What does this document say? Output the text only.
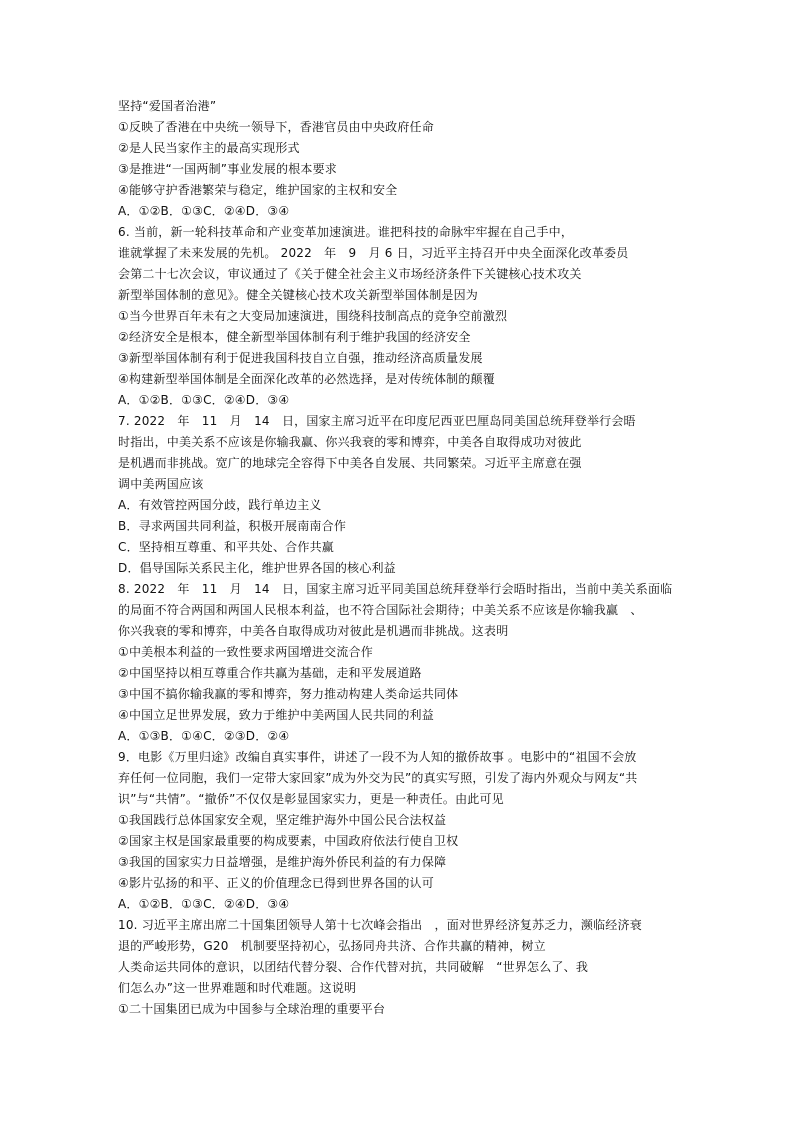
坚持“爱国者治港”
①反映了香港在中央统一领导下，香港官员由中央政府任命
②是人民当家作主的最高实现形式
③是推进“一国两制”事业发展的根本要求
④能够守护香港繁荣与稳定，维护国家的主权和安全
A．①②B．①③C．②④D．③④
6. 当前，新一轮科技革命和产业变革加速演进。谁把科技的命脉牢牢握在自己手中，
谁就掌握了未来发展的先机。 2022　年　9　月 6 日，习近平主持召开中央全面深化改革委员
会第二十七次会议，审议通过了《关于健全社会主义市场经济条件下关键核心技术攻关
新型举国体制的意见》。健全关键核心技术攻关新型举国体制是因为
①当今世界百年未有之大变局加速演进，围绕科技制高点的竞争空前激烈
②经济安全是根本，健全新型举国体制有利于维护我国的经济安全
③新型举国体制有利于促进我国科技自立自强，推动经济高质量发展
④构建新型举国体制是全面深化改革的必然选择，是对传统体制的颠覆
A．①②B．①③C．②④D．③④
7. 2022　年　11　月　14　日，国家主席习近平在印度尼西亚巴厘岛同美国总统拜登举行会晤
时指出，中美关系不应该是你输我赢、你兴我衰的零和博弈，中美各自取得成功对彼此
是机遇而非挑战。宽广的地球完全容得下中美各自发展、共同繁荣。习近平主席意在强
调中美两国应该
A．有效管控两国分歧，践行单边主义
B．寻求两国共同利益，积极开展南南合作
C．坚持相互尊重、和平共处、合作共赢
D．倡导国际关系民主化，维护世界各国的核心利益
8. 2022　年　11　月　14　日，国家主席习近平同美国总统拜登举行会晤时指出，当前中美关系面临
的局面不符合两国和两国人民根本利益，也不符合国际社会期待；中美关系不应该是你输我赢　、
你兴我衰的零和博弈，中美各自取得成功对彼此是机遇而非挑战。这表明
①中美根本利益的一致性要求两国增进交流合作
②中国坚持以相互尊重合作共赢为基础，走和平发展道路
③中国不搞你输我赢的零和博弈，努力推动构建人类命运共同体
④中国立足世界发展，致力于维护中美两国人民共同的利益
A．①③B．①④C．②③D．②④
9．电影《万里归途》改编自真实事件，讲述了一段不为人知的撤侨故事 。电影中的“祖国不会放
弃任何一位同胞，我们一定带大家回家”成为外交为民”的真实写照，引发了海内外观众与网友“共
识”与“共情”。“撤侨”不仅仅是彰显国家实力，更是一种责任。由此可见
①我国践行总体国家安全观，坚定维护海外中国公民合法权益
②国家主权是国家最重要的构成要素，中国政府依法行使自卫权
③我国的国家实力日益增强，是维护海外侨民利益的有力保障
④影片弘扬的和平、正义的价值理念已得到世界各国的认可
A．①②B．①③C．②④D．③④
10. 习近平主席出席二十国集团领导人第十七次峰会指出　，面对世界经济复苏乏力，濒临经济衰
退的严峻形势，G20　机制要坚持初心，弘扬同舟共济、合作共赢的精神，树立
人类命运共同体的意识，以团结代替分裂、合作代替对抗，共同破解　“世界怎么了、我
们怎么办”这一世界难题和时代难题。这说明
①二十国集团已成为中国参与全球治理的重要平台
